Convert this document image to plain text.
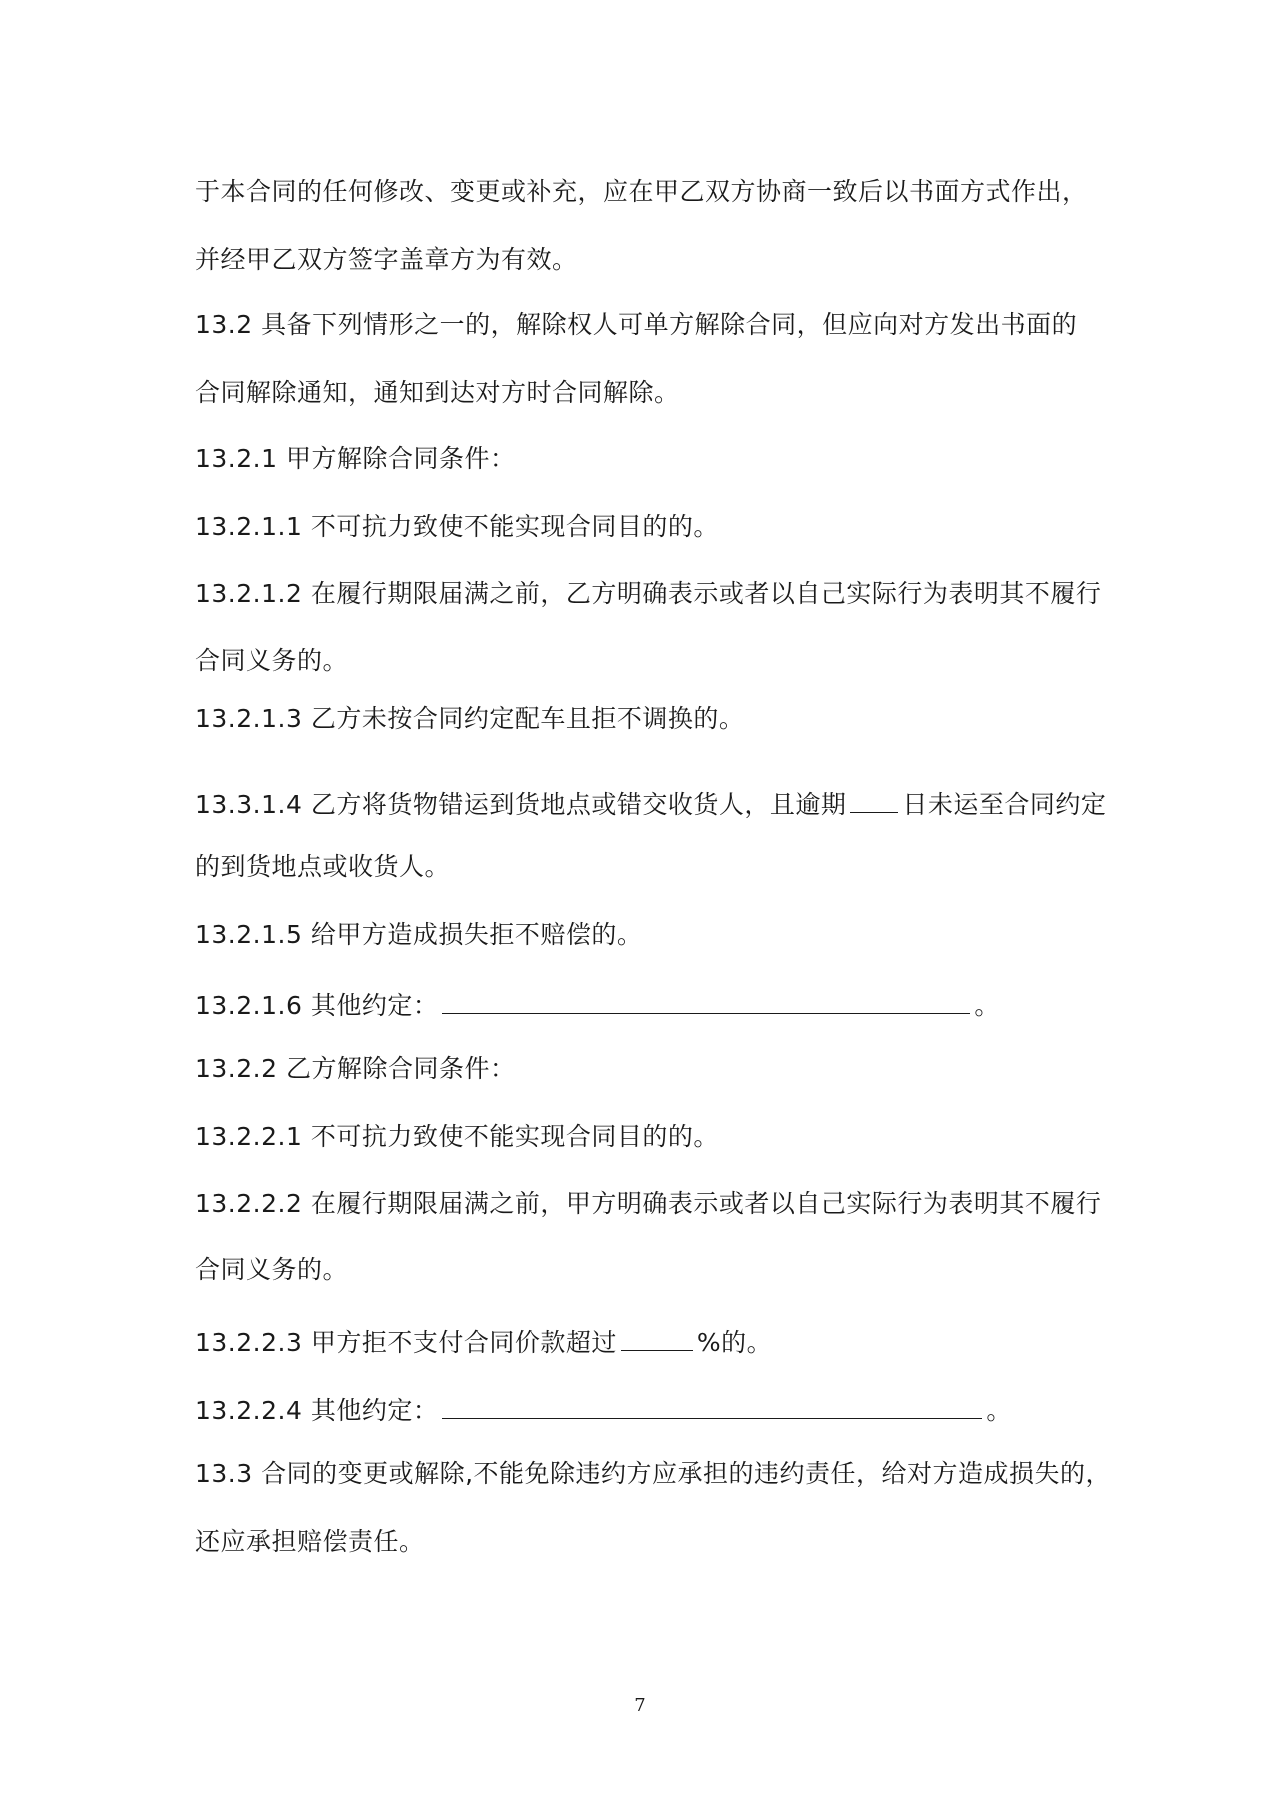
于本合同的任何修改、变更或补充，应在甲乙双方协商一致后以书面方式作出，
并经甲乙双方签字盖章方为有效。
13.2 具备下列情形之一的，解除权人可单方解除合同，但应向对方发出书面的
合同解除通知，通知到达对方时合同解除。
13.2.1 甲方解除合同条件：
13.2.1.1 不可抗力致使不能实现合同目的的。
13.2.1.2 在履行期限届满之前，乙方明确表示或者以自己实际行为表明其不履行
合同义务的。
13.2.1.3 乙方未按合同约定配车且拒不调换的。
13.3.1.4 乙方将货物错运到货地点或错交收货人，且逾期 日未运至合同约定
的到货地点或收货人。
13.2.1.5 给甲方造成损失拒不赔偿的。
13.2.1.6 其他约定：	。
13.2.2 乙方解除合同条件：
13.2.2.1 不可抗力致使不能实现合同目的的。
13.2.2.2 在履行期限届满之前，甲方明确表示或者以自己实际行为表明其不履行
合同义务的。
13.2.2.3 甲方拒不支付合同价款超过	%的。
13.2.2.4 其他约定：	。
13.3 合同的变更或解除,不能免除违约方应承担的违约责任，给对方造成损失的，
还应承担赔偿责任。
7
